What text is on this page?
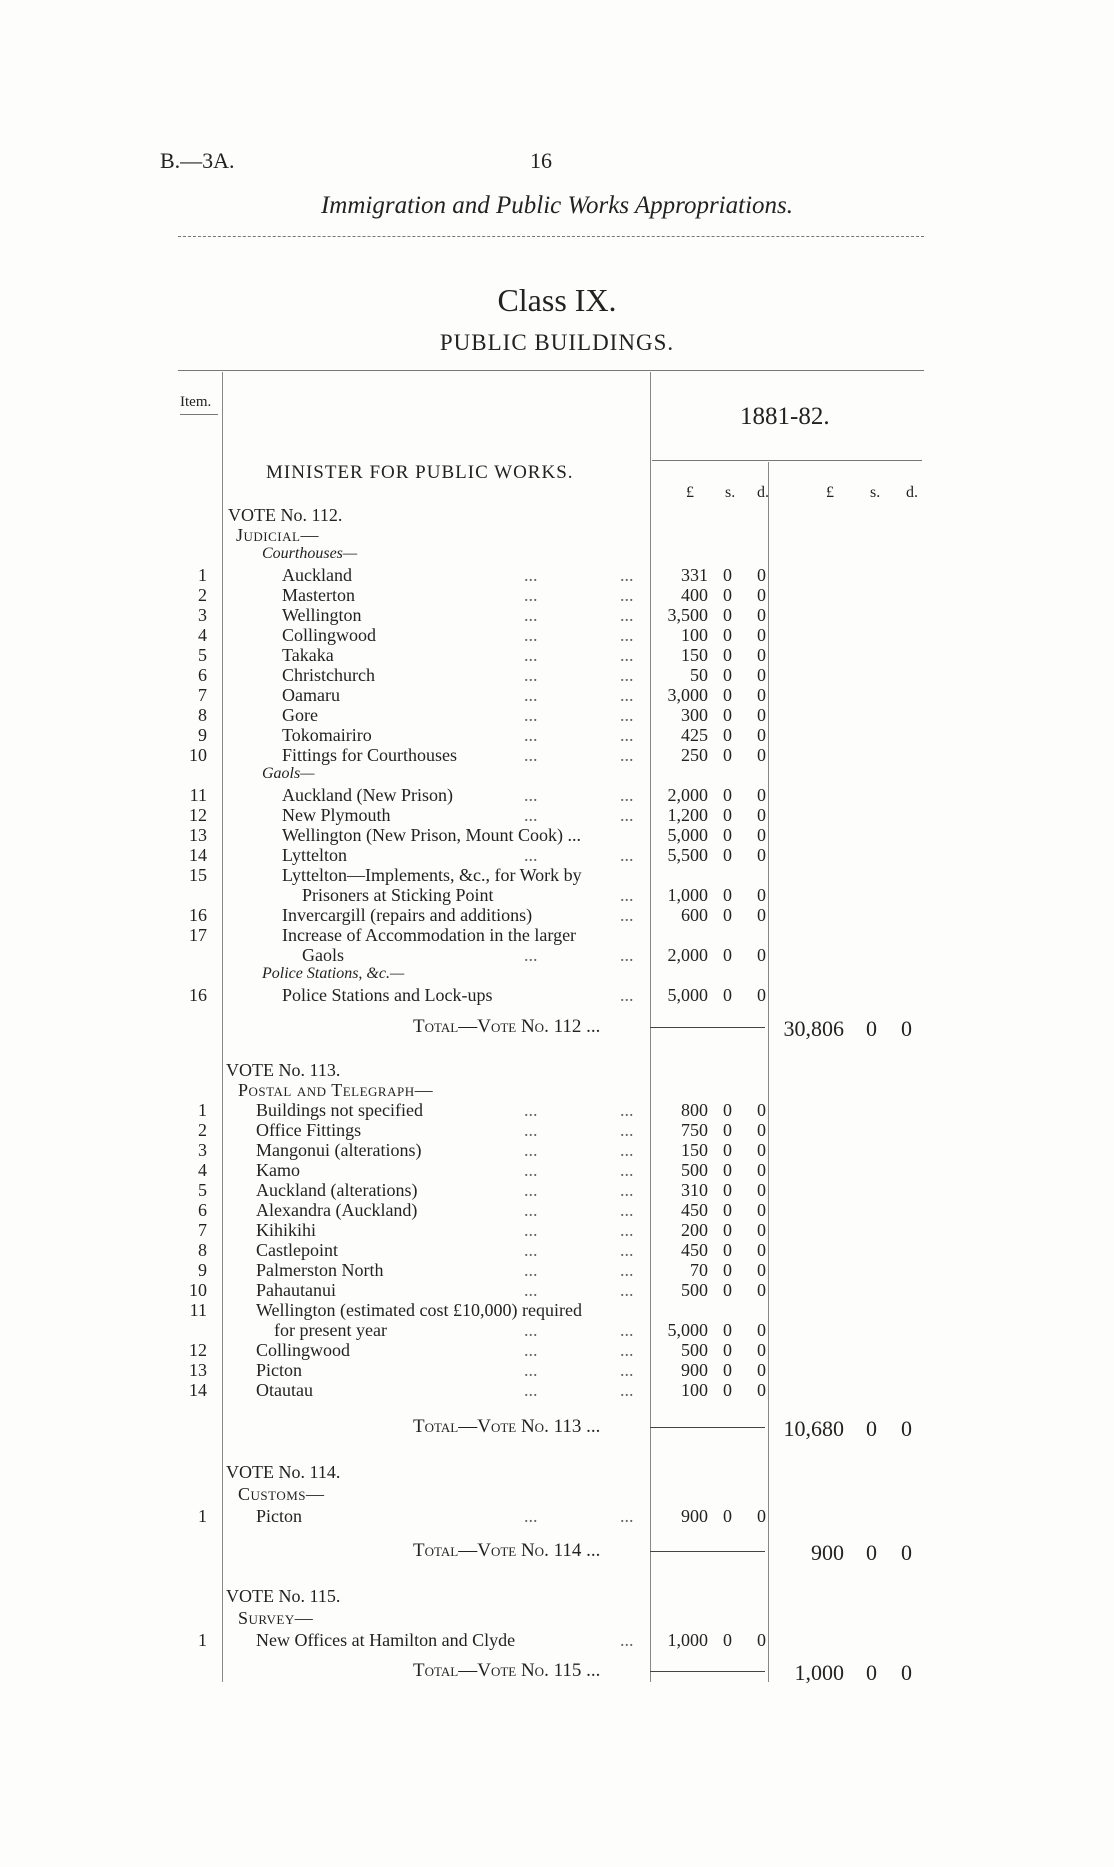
B.—3A.	16
Immigration and Public Works Appropriations.
Class IX.
PUBLIC BUILDINGS.
Item.
1881-82.
£ s. d.	£ s. d.
MINISTER FOR PUBLIC WORKS.
VOTE No. 112.
Judicial—
Courthouses—
1	Auckland	...	...	331 0 0
2	Masterton	...	...	400 0 0
3	Wellington	...	... 3,500 0 0
4	Collingwood	...	...	100 0 0
5	Takaka	...	...	150 0 0
6	Christchurch	...	...	50 0 0
7	Oamaru	...	... 3,000 0 0
8	Gore	...	...	300 0 0
9	Tokomairiro	...	...	425 0 0
10	Fittings for Courthouses	...	...	250 0 0
Gaols—
11	Auckland (New Prison)	...	... 2,000 0 0
12	New Plymouth	...	... 1,200 0 0
13	Wellington (New Prison, Mount Cook) ...	5,000 0 0
14	Lyttelton	...	... 5,500 0 0
15	Lyttelton—Implements, &c., for Work by
Prisoners at Sticking Point	... 1,000 0 0
16	Invercargill (repairs and additions)	...	600 0 0
17	Increase of Accommodation in the larger
Gaols	...	... 2,000 0 0
Police Stations, &c.—
16	Police Stations and Lock-ups	... 5,000 0 0
Total—Vote No. 112 ...	30,806 0 0
VOTE No. 113.
Postal and Telegraph—
1	Buildings not specified	...	...	800 0 0
2	Office Fittings	...	...	750 0 0
3	Mangonui (alterations)	...	...	150 0 0
4	Kamo	...	...	500 0 0
5	Auckland (alterations)	...	...	310 0 0
6	Alexandra (Auckland)	...	...	450 0 0
7	Kihikihi	...	...	200 0 0
8	Castlepoint	...	...	450 0 0
9	Palmerston North	...	...	70 0 0
10	Pahautanui	...	...	500 0 0
11	Wellington (estimated cost £10,000) required
for present year	...	... 5,000 0 0
12	Collingwood	...	...	500 0 0
13	Picton	...	...	900 0 0
14	Otautau	...	...	100 0 0
Total—Vote No. 113 ...	10,680 0 0
VOTE No. 114.
Customs—
1	Picton	...	...	900 0 0
Total—Vote No. 114 ...	900 0 0
VOTE No. 115.
Survey—
1	New Offices at Hamilton and Clyde	... 1,000 0 0
Total—Vote No. 115 ...	1,000 0 0
